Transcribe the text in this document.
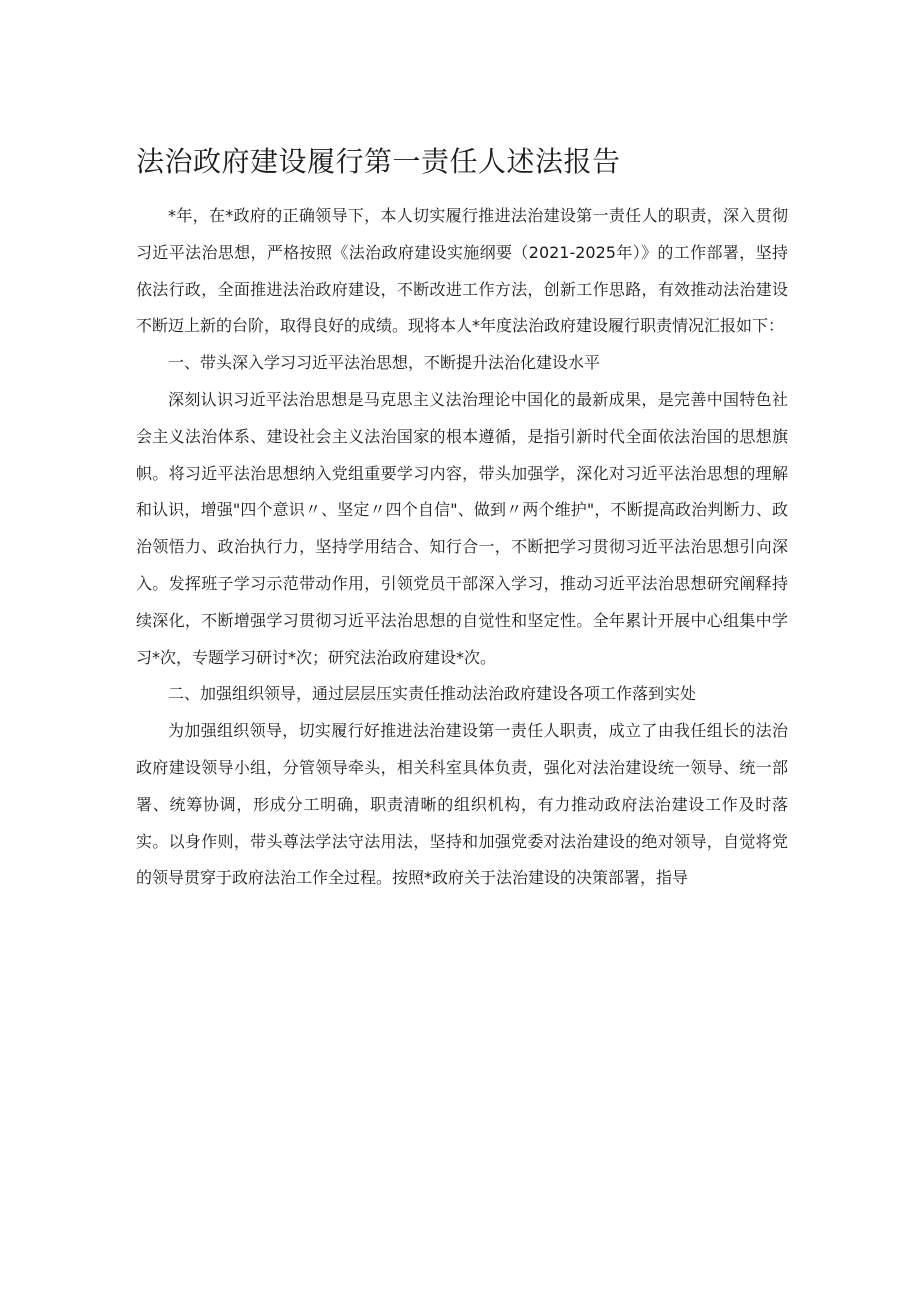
法治政府建设履行第一责任人述法报告

*年，在*政府的正确领导下，本人切实履行推进法治建设第一责任人的职责，深入贯彻习近平法治思想，严格按照《法治政府建设实施纲要（2021-2025年）》的工作部署，坚持依法行政，全面推进法治政府建设，不断改进工作方法，创新工作思路，有效推动法治建设不断迈上新的台阶，取得良好的成绩。现将本人*年度法治政府建设履行职责情况汇报如下：

一、带头深入学习习近平法治思想，不断提升法治化建设水平

深刻认识习近平法治思想是马克思主义法治理论中国化的最新成果，是完善中国特色社会主义法治体系、建设社会主义法治国家的根本遵循，是指引新时代全面依法治国的思想旗帜。将习近平法治思想纳入党组重要学习内容，带头加强学，深化对习近平法治思想的理解和认识，增强"四个意识〃、坚定〃四个自信"、做到〃两个维护"，不断提高政治判断力、政治领悟力、政治执行力，坚持学用结合、知行合一，不断把学习贯彻习近平法治思想引向深入。发挥班子学习示范带动作用，引领党员干部深入学习，推动习近平法治思想研究阐释持续深化，不断增强学习贯彻习近平法治思想的自觉性和坚定性。全年累计开展中心组集中学习*次，专题学习研讨*次；研究法治政府建设*次。

二、加强组织领导，通过层层压实责任推动法治政府建设各项工作落到实处

为加强组织领导，切实履行好推进法治建设第一责任人职责，成立了由我任组长的法治政府建设领导小组，分管领导牵头，相关科室具体负责，强化对法治建设统一领导、统一部署、统筹协调，形成分工明确，职责清晰的组织机构，有力推动政府法治建设工作及时落实。以身作则，带头尊法学法守法用法，坚持和加强党委对法治建设的绝对领导，自觉将党的领导贯穿于政府法治工作全过程。按照*政府关于法治建设的决策部署，指导
